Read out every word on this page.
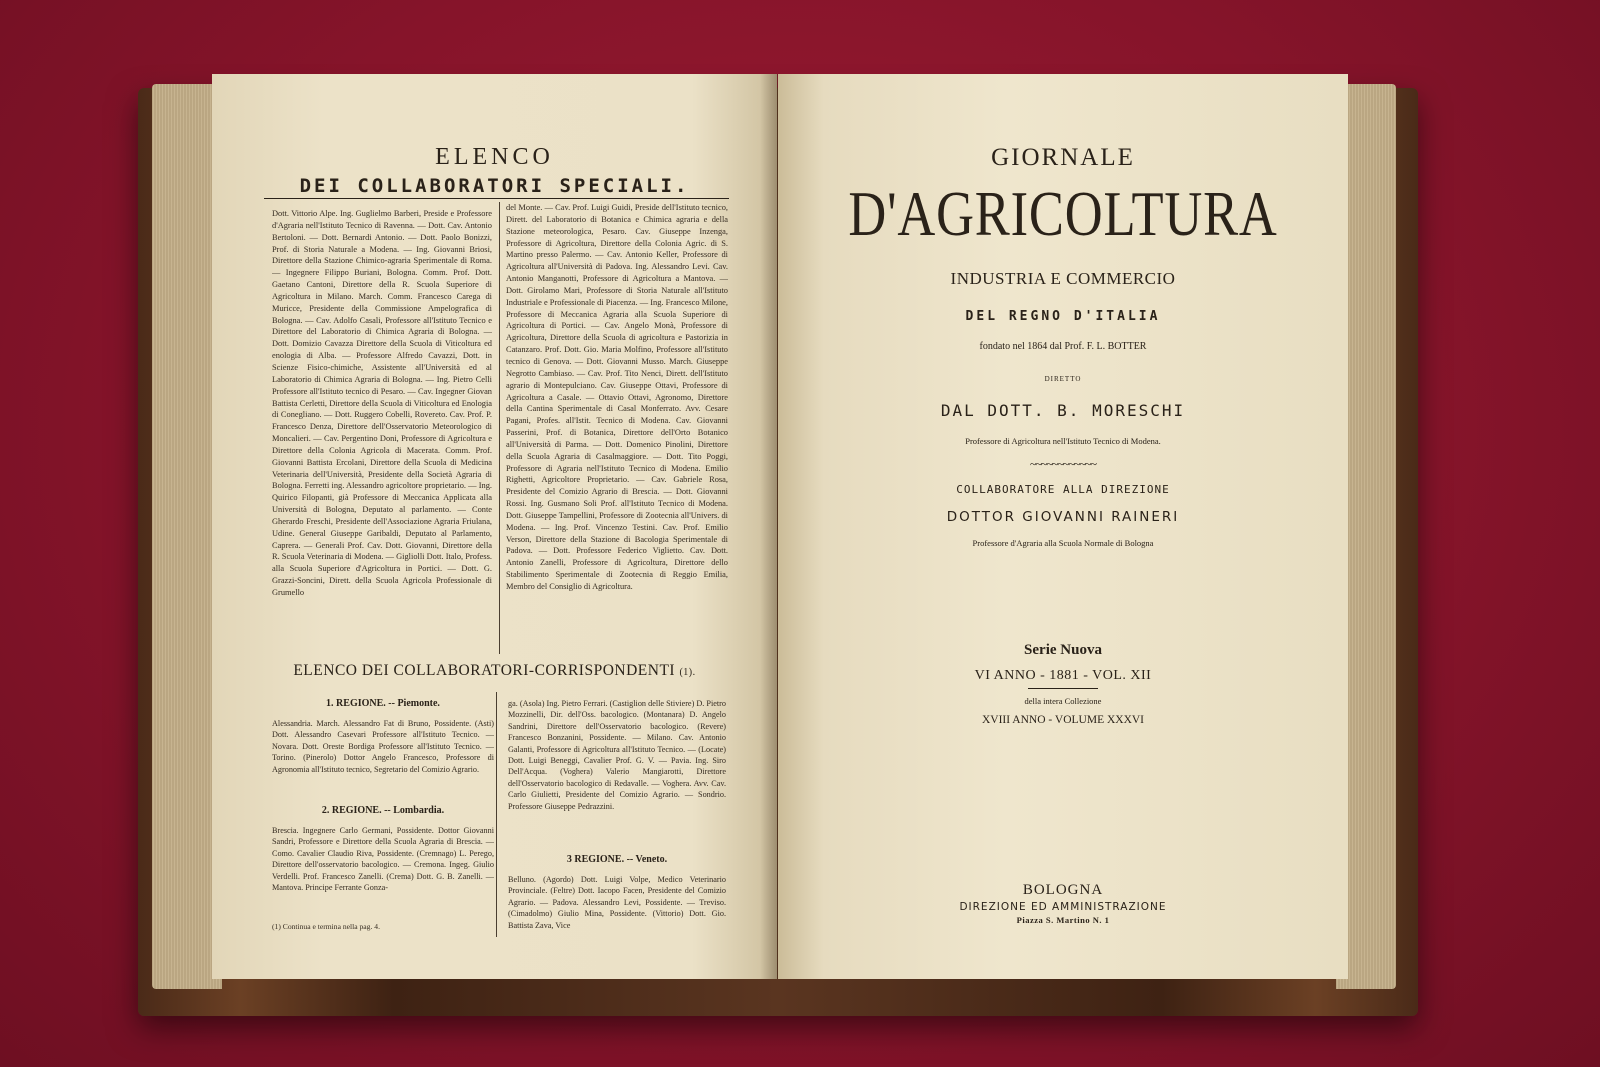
ELENCO
DEI COLLABORATORI SPECIALI.
Dott. Vittorio Alpe. Ing. Guglielmo Barberi, Preside e Professore d'Agraria nell'Istituto Tecnico di Ravenna. — Dott. Cav. Antonio Bertoloni. — Dott. Bernardi Antonio. — Dott. Paolo Bonizzi, Prof. di Storia Naturale a Modena. — Ing. Giovanni Briosi, Direttore della Stazione Chimico-agraria Sperimentale di Roma. — Ingegnere Filippo Buriani, Bologna. Comm. Prof. Dott. Gaetano Cantoni, Direttore della R. Scuola Superiore di Agricoltura in Milano. March. Comm. Francesco Carega di Muricce, Presidente della Commissione Ampelografica di Bologna. — Cav. Adolfo Casali, Professore all'Istituto Tecnico e Direttore del Laboratorio di Chimica Agraria di Bologna. — Dott. Domizio Cavazza Direttore della Scuola di Viticoltura ed enologia di Alba. — Professore Alfredo Cavazzi, Dott. in Scienze Fisico-chimiche, Assistente all'Università ed al Laboratorio di Chimica Agraria di Bologna. — Ing. Pietro Celli Professore all'Istituto tecnico di Pesaro. — Cav. Ingegner Giovan Battista Cerletti, Direttore della Scuola di Viticoltura ed Enologia di Conegliano. — Dott. Ruggero Cobelli, Rovereto. Cav. Prof. P. Francesco Denza, Direttore dell'Osservatorio Meteorologico di Moncalieri. — Cav. Pergentino Doni, Professore di Agricoltura e Direttore della Colonia Agricola di Macerata. Comm. Prof. Giovanni Battista Ercolani, Direttore della Scuola di Medicina Veterinaria dell'Università, Presidente della Società Agraria di Bologna. Ferretti ing. Alessandro agricoltore proprietario. — Ing. Quirico Filopanti, già Professore di Meccanica Applicata alla Università di Bologna, Deputato al parlamento. — Conte Gherardo Freschi, Presidente dell'Associazione Agraria Friulana, Udine. General Giuseppe Garibaldi, Deputato al Parlamento, Caprera. — Generali Prof. Cav. Dott. Giovanni, Direttore della R. Scuola Veterinaria di Modena. — Gigliolli Dott. Italo, Profess. alla Scuola Superiore d'Agricoltura in Portici. — Dott. G. Grazzi-Soncini, Dirett. della Scuola Agricola Professionale di Grumello
del Monte. — Cav. Prof. Luigi Guidi, Preside dell'Istituto tecnico, Dirett. del Laboratorio di Botanica e Chimica agraria e della Stazione meteorologica, Pesaro. Cav. Giuseppe Inzenga, Professore di Agricoltura, Direttore della Colonia Agric. di S. Martino presso Palermo. — Cav. Antonio Keller, Professore di Agricoltura all'Università di Padova. Ing. Alessandro Levi. Cav. Antonio Manganotti, Professore di Agricoltura a Mantova. — Dott. Girolamo Mari, Professore di Storia Naturale all'Istituto Industriale e Professionale di Piacenza. — Ing. Francesco Milone, Professore di Meccanica Agraria alla Scuola Superiore di Agricoltura di Portici. — Cav. Angelo Monà, Professore di Agricoltura, Direttore della Scuola di agricoltura e Pastorizia in Catanzaro. Prof. Dott. Gio. Maria Molfino, Professore all'Istituto tecnico di Genova. — Dott. Giovanni Musso. March. Giuseppe Negrotto Cambiaso. — Cav. Prof. Tito Nenci, Dirett. dell'Istituto agrario di Montepulciano. Cav. Giuseppe Ottavi, Professore di Agricoltura a Casale. — Ottavio Ottavi, Agronomo, Direttore della Cantina Sperimentale di Casal Monferrato. Avv. Cesare Pagani, Profes. all'Istit. Tecnico di Modena. Cav. Giovanni Passerini, Prof. di Botanica, Direttore dell'Orto Botanico all'Università di Parma. — Dott. Domenico Pinolini, Direttore della Scuola Agraria di Casalmaggiore. — Dott. Tito Poggi, Professore di Agraria nell'Istituto Tecnico di Modena. Emilio Righetti, Agricoltore Proprietario. — Cav. Gabriele Rosa, Presidente del Comizio Agrario di Brescia. — Dott. Giovanni Rossi. Ing. Gusmano Soli Prof. all'Istituto Tecnico di Modena. Dott. Giuseppe Tampellini, Professore di Zootecnia all'Univers. di Modena. — Ing. Prof. Vincenzo Testini. Cav. Prof. Emilio Verson, Direttore della Stazione di Bacologia Sperimentale di Padova. — Dott. Professore Federico Viglietto. Cav. Dott. Antonio Zanelli, Professore di Agricoltura, Direttore dello Stabilimento Sperimentale di Zootecnia di Reggio Emilia, Membro del Consiglio di Agricoltura.
ELENCO DEI COLLABORATORI-CORRISPONDENTI (1).
1. REGIONE. -- Piemonte.
Alessandria. March. Alessandro Fat di Bruno, Possidente. (Asti) Dott. Alessandro Casevari Professore all'Istituto Tecnico. — Novara. Dott. Oreste Bordiga Professore all'Istituto Tecnico. — Torino. (Pinerolo) Dottor Angelo Francesco, Professore di Agronomia all'Istituto tecnico, Segretario del Comizio Agrario.
2. REGIONE. -- Lombardia.
Brescia. Ingegnere Carlo Germani, Possidente. Dottor Giovanni Sandri, Professore e Direttore della Scuola Agraria di Brescia. — Como. Cavalier Claudio Riva, Possidente. (Cremnago) L. Perego, Direttore dell'osservatorio bacologico. — Cremona. Ingeg. Giulio Verdelli. Prof. Francesco Zanelli. (Crema) Dott. G. B. Zanelli. — Mantova. Principe Ferrante Gonza-
(1) Continua e termina nella pag. 4.
ga. (Asola) Ing. Pietro Ferrari. (Castiglion delle Stiviere) D. Pietro Mozzinelli, Dir. dell'Oss. bacologico. (Montanara) D. Angelo Sandrini, Direttore dell'Osservatorio bacologico. (Revere) Francesco Bonzanini, Possidente. — Milano. Cav. Antonio Galanti, Professore di Agricoltura all'Istituto Tecnico. — (Locate) Dott. Luigi Beneggi, Cavalier Prof. G. V. — Pavia. Ing. Siro Dell'Acqua. (Voghera) Valerio Mangiarotti, Direttore dell'Osservatorio bacologico di Redavalle. — Voghera. Avv. Cav. Carlo Giulietti, Presidente del Comizio Agrario. — Sondrio. Professore Giuseppe Pedrazzini.
3 REGIONE. -- Veneto.
Belluno. (Agordo) Dott. Luigi Volpe, Medico Veterinario Provinciale. (Feltre) Dott. Iacopo Facen, Presidente del Comizio Agrario. — Padova. Alessandro Levi, Possidente. — Treviso. (Cimadolmo) Giulio Mina, Possidente. (Vittorio) Dott. Gio. Battista Zava, Vice
GIORNALE
D'AGRICOLTURA
INDUSTRIA E COMMERCIO
DEL REGNO D'ITALIA
fondato nel 1864 dal Prof. F. L. BOTTER
DIRETTO
DAL DOTT. B. MORESCHI
Professore di Agricoltura nell'Istituto Tecnico di Modena.
~~~~~~~~~~~~
COLLABORATORE ALLA DIREZIONE
DOTTOR GIOVANNI RAINERI
Professore d'Agraria alla Scuola Normale di Bologna
Serie Nuova
VI ANNO - 1881 - VOL. XII
della intera Collezione
XVIII ANNO - VOLUME XXXVI
BOLOGNA
DIREZIONE ED AMMINISTRAZIONE
Piazza S. Martino N. 1
